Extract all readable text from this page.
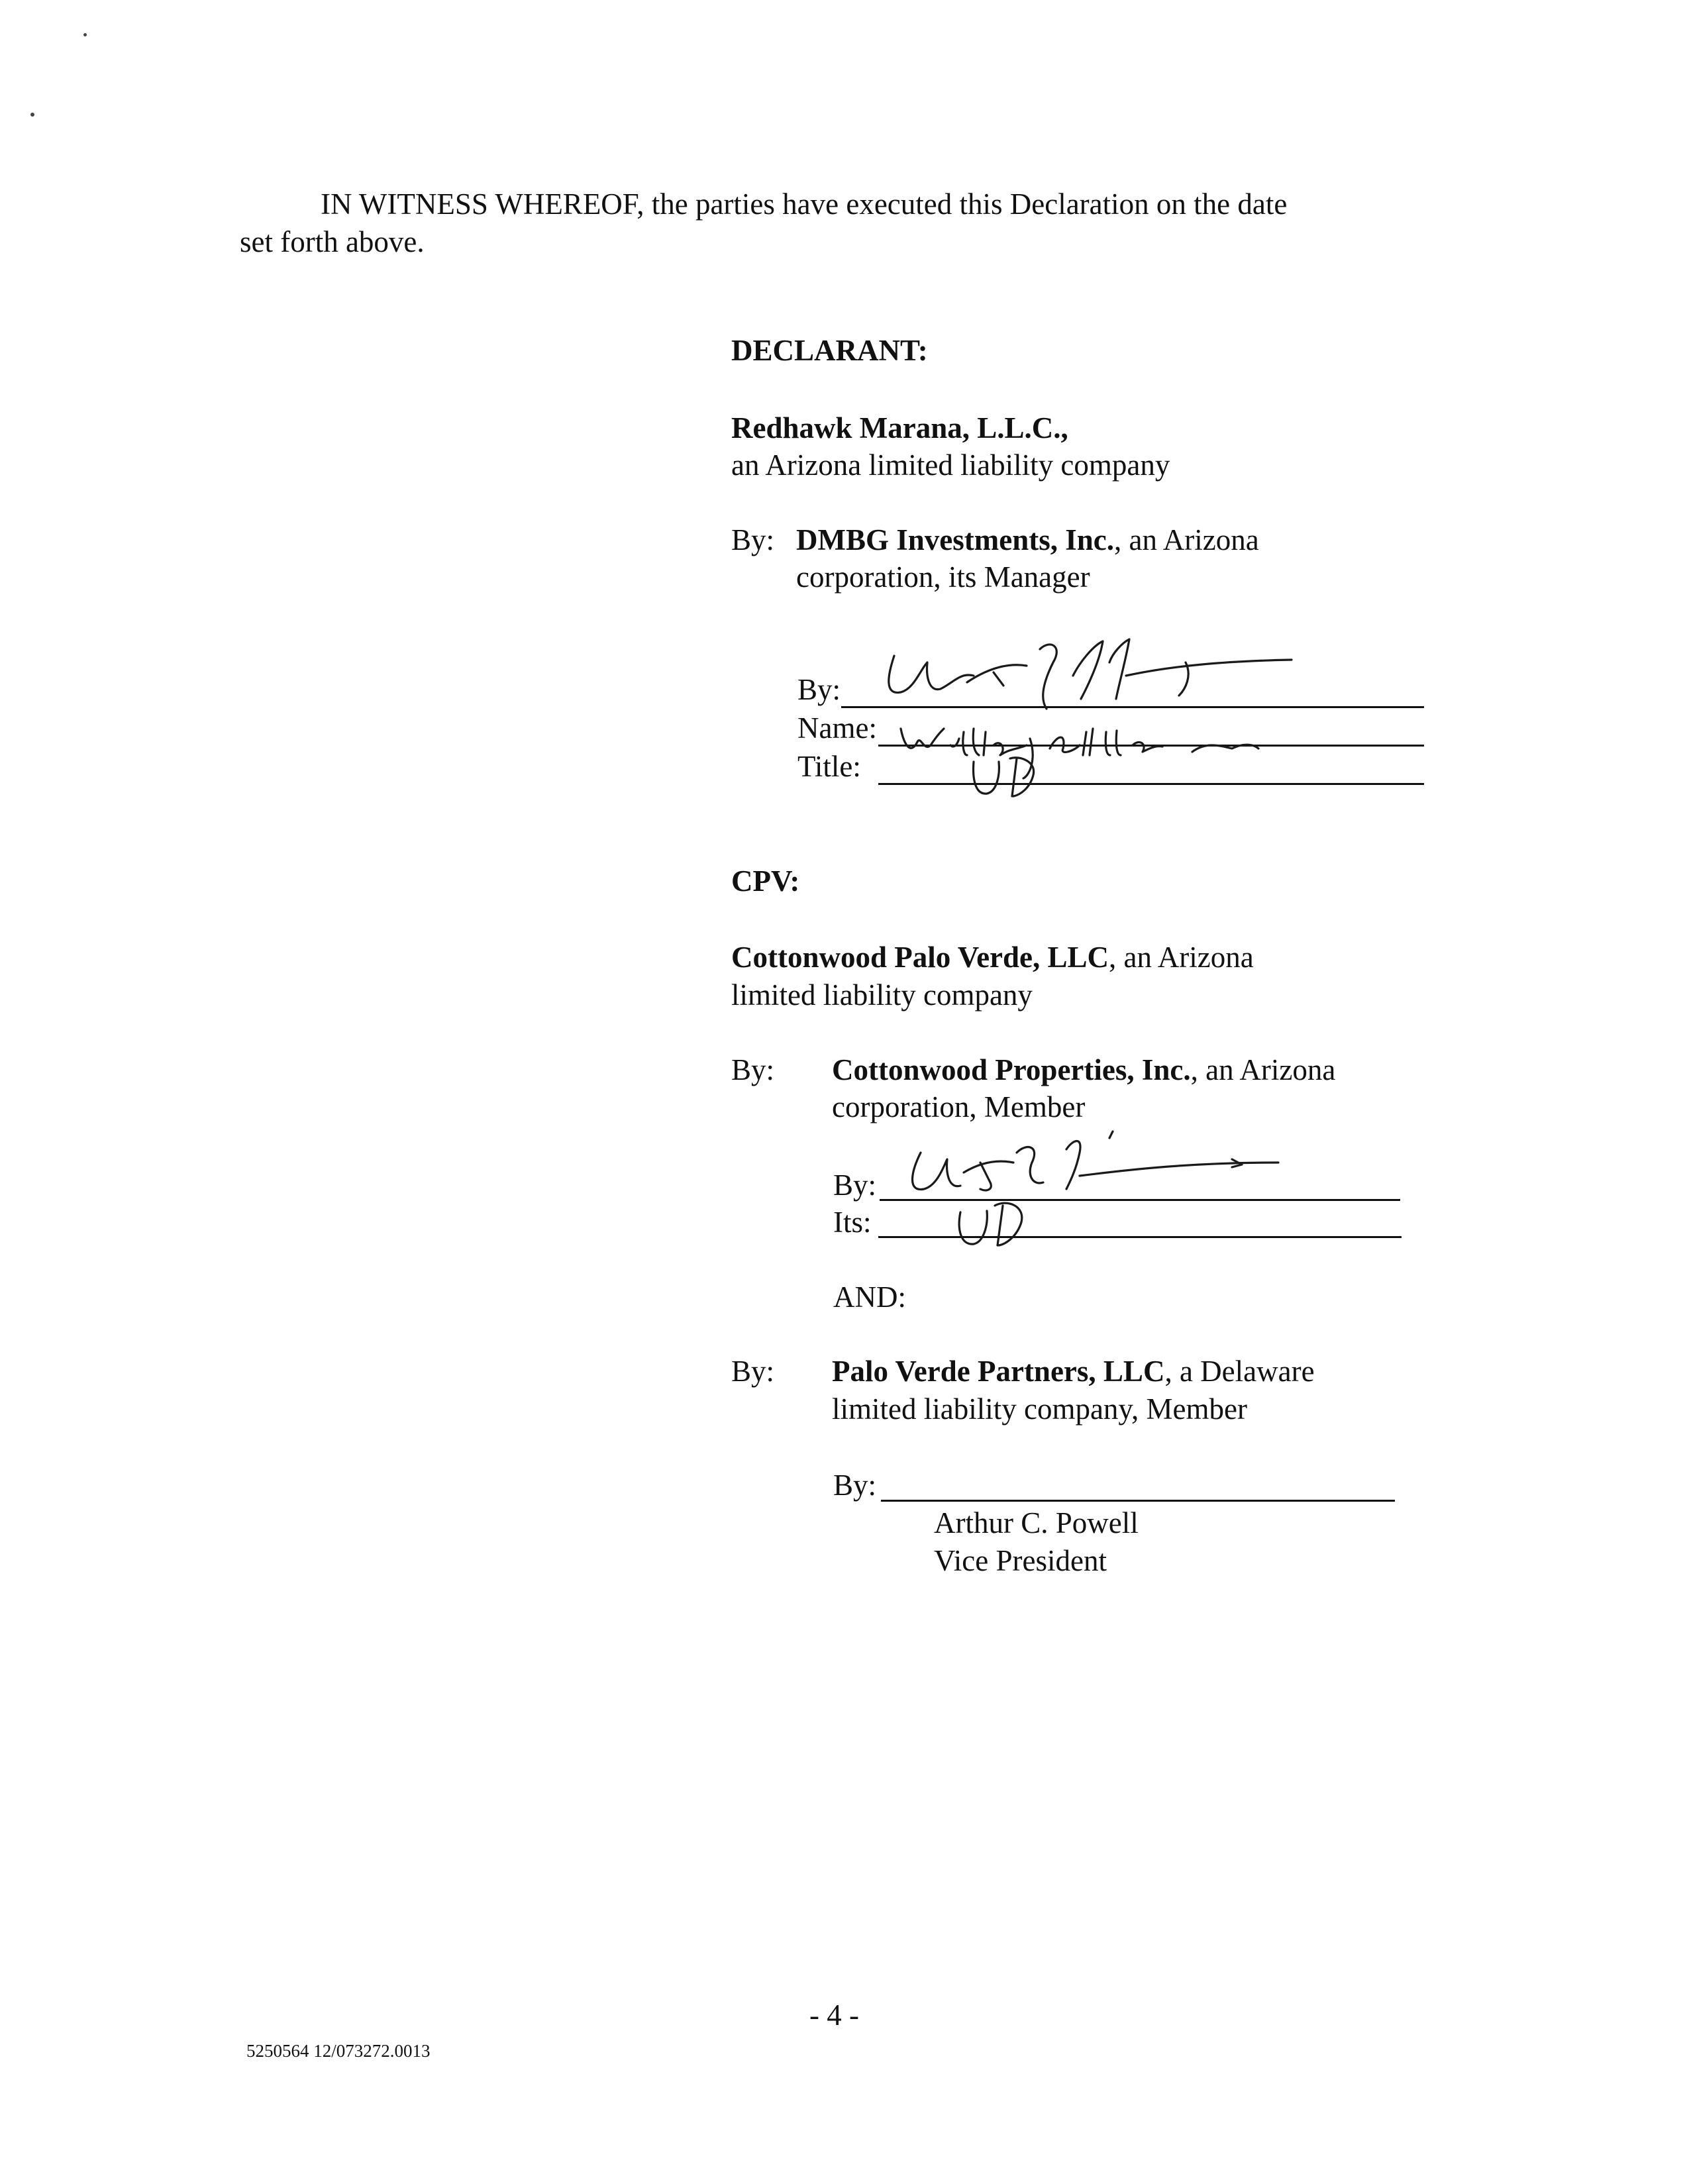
IN WITNESS WHEREOF, the parties have executed this Declaration on the date
set forth above.
DECLARANT:
Redhawk Marana, L.L.C.,
an Arizona limited liability company
By: DMBG Investments, Inc., an Arizona
corporation, its Manager
By:
Name:
Title:
CPV:
Cottonwood Palo Verde, LLC, an Arizona
limited liability company
By: Cottonwood Properties, Inc., an Arizona
corporation, Member
By:
Its:
AND:
By: Palo Verde Partners, LLC, a Delaware
limited liability company, Member
By:
Arthur C. Powell
Vice President
- 4 -
5250564 12/073272.0013
